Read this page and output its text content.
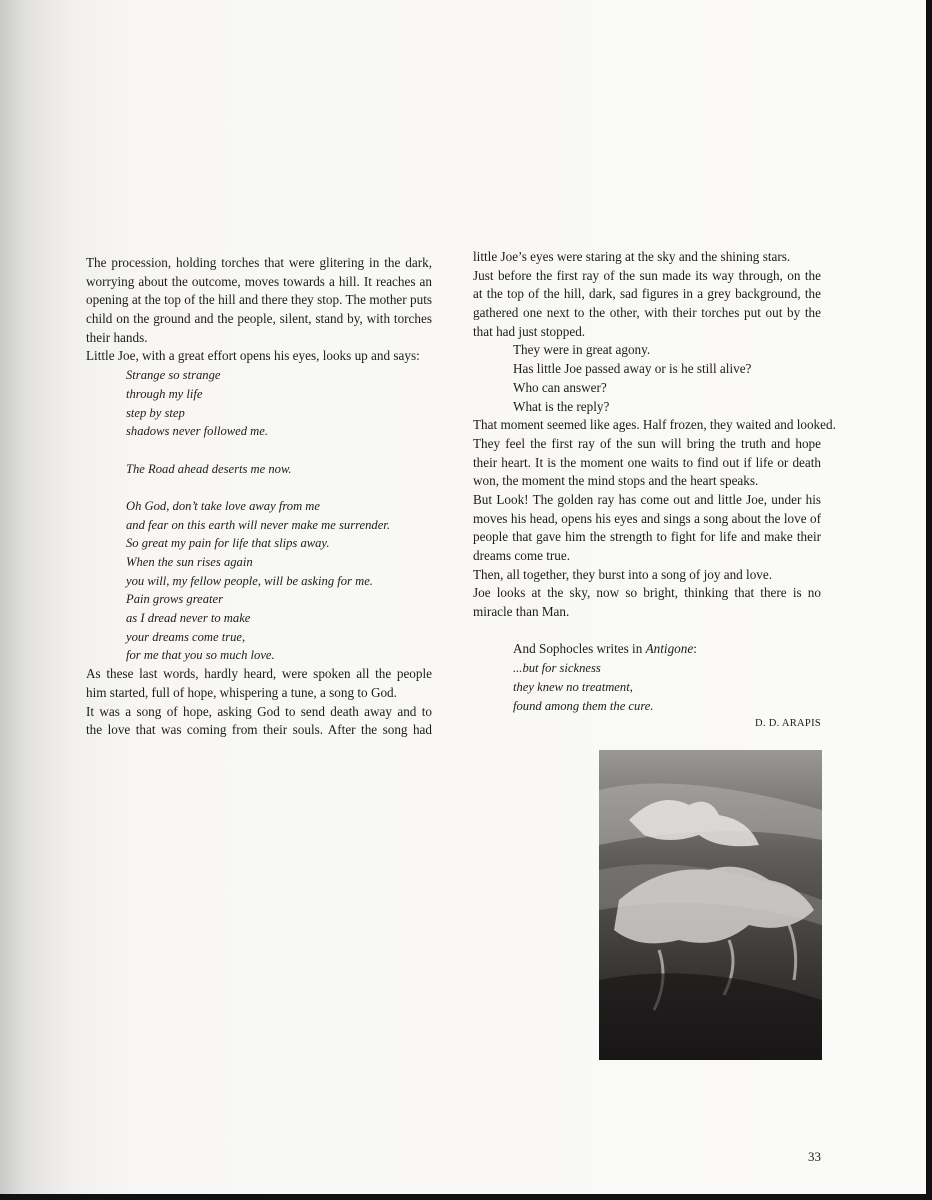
The procession, holding torches that were glitering in the dark,
worrying about the outcome, moves towards a hill. It reaches an
opening at the top of the hill and there they stop. The mother puts
child on the ground and the people, silent, stand by, with torches
their hands.
Little Joe, with a great effort opens his eyes, looks up and says:
Strange so strange
through my life
step by step
shadows never followed me.
The Road ahead deserts me now.
Oh God, don’t take love away from me
and fear on this earth will never make me surrender.
So great my pain for life that slips away.
When the sun rises again
you will, my fellow people, will be asking for me.
Pain grows greater
as I dread never to make
your dreams come true,
for me that you so much love.
As these last words, hardly heard, were spoken all the people
him started, full of hope, whispering a tune, a song to God.
It was a song of hope, asking God to send death away and to
the love that was coming from their souls. After the song had
little Joe’s eyes were staring at the sky and the shining stars.
Just before the first ray of the sun made its way through, on the
at the top of the hill, dark, sad figures in a grey background, the
gathered one next to the other, with their torches put out by the
that had just stopped.
They were in great agony.
Has little Joe passed away or is he still alive?
Who can answer?
What is the reply?
That moment seemed like ages. Half frozen, they waited and looked.
They feel the first ray of the sun will bring the truth and hope
their heart. It is the moment one waits to find out if life or death
won, the moment the mind stops and the heart speaks.
But Look! The golden ray has come out and little Joe, under his
moves his head, opens his eyes and sings a song about the love of
people that gave him the strength to fight for life and make their
dreams come true.
Then, all together, they burst into a song of joy and love.
Joe looks at the sky, now so bright, thinking that there is no
miracle than Man.
And Sophocles writes in Antigone:
...but for sickness
they knew no treatment,
found among them the cure.
D. D. ARAPIS
33
